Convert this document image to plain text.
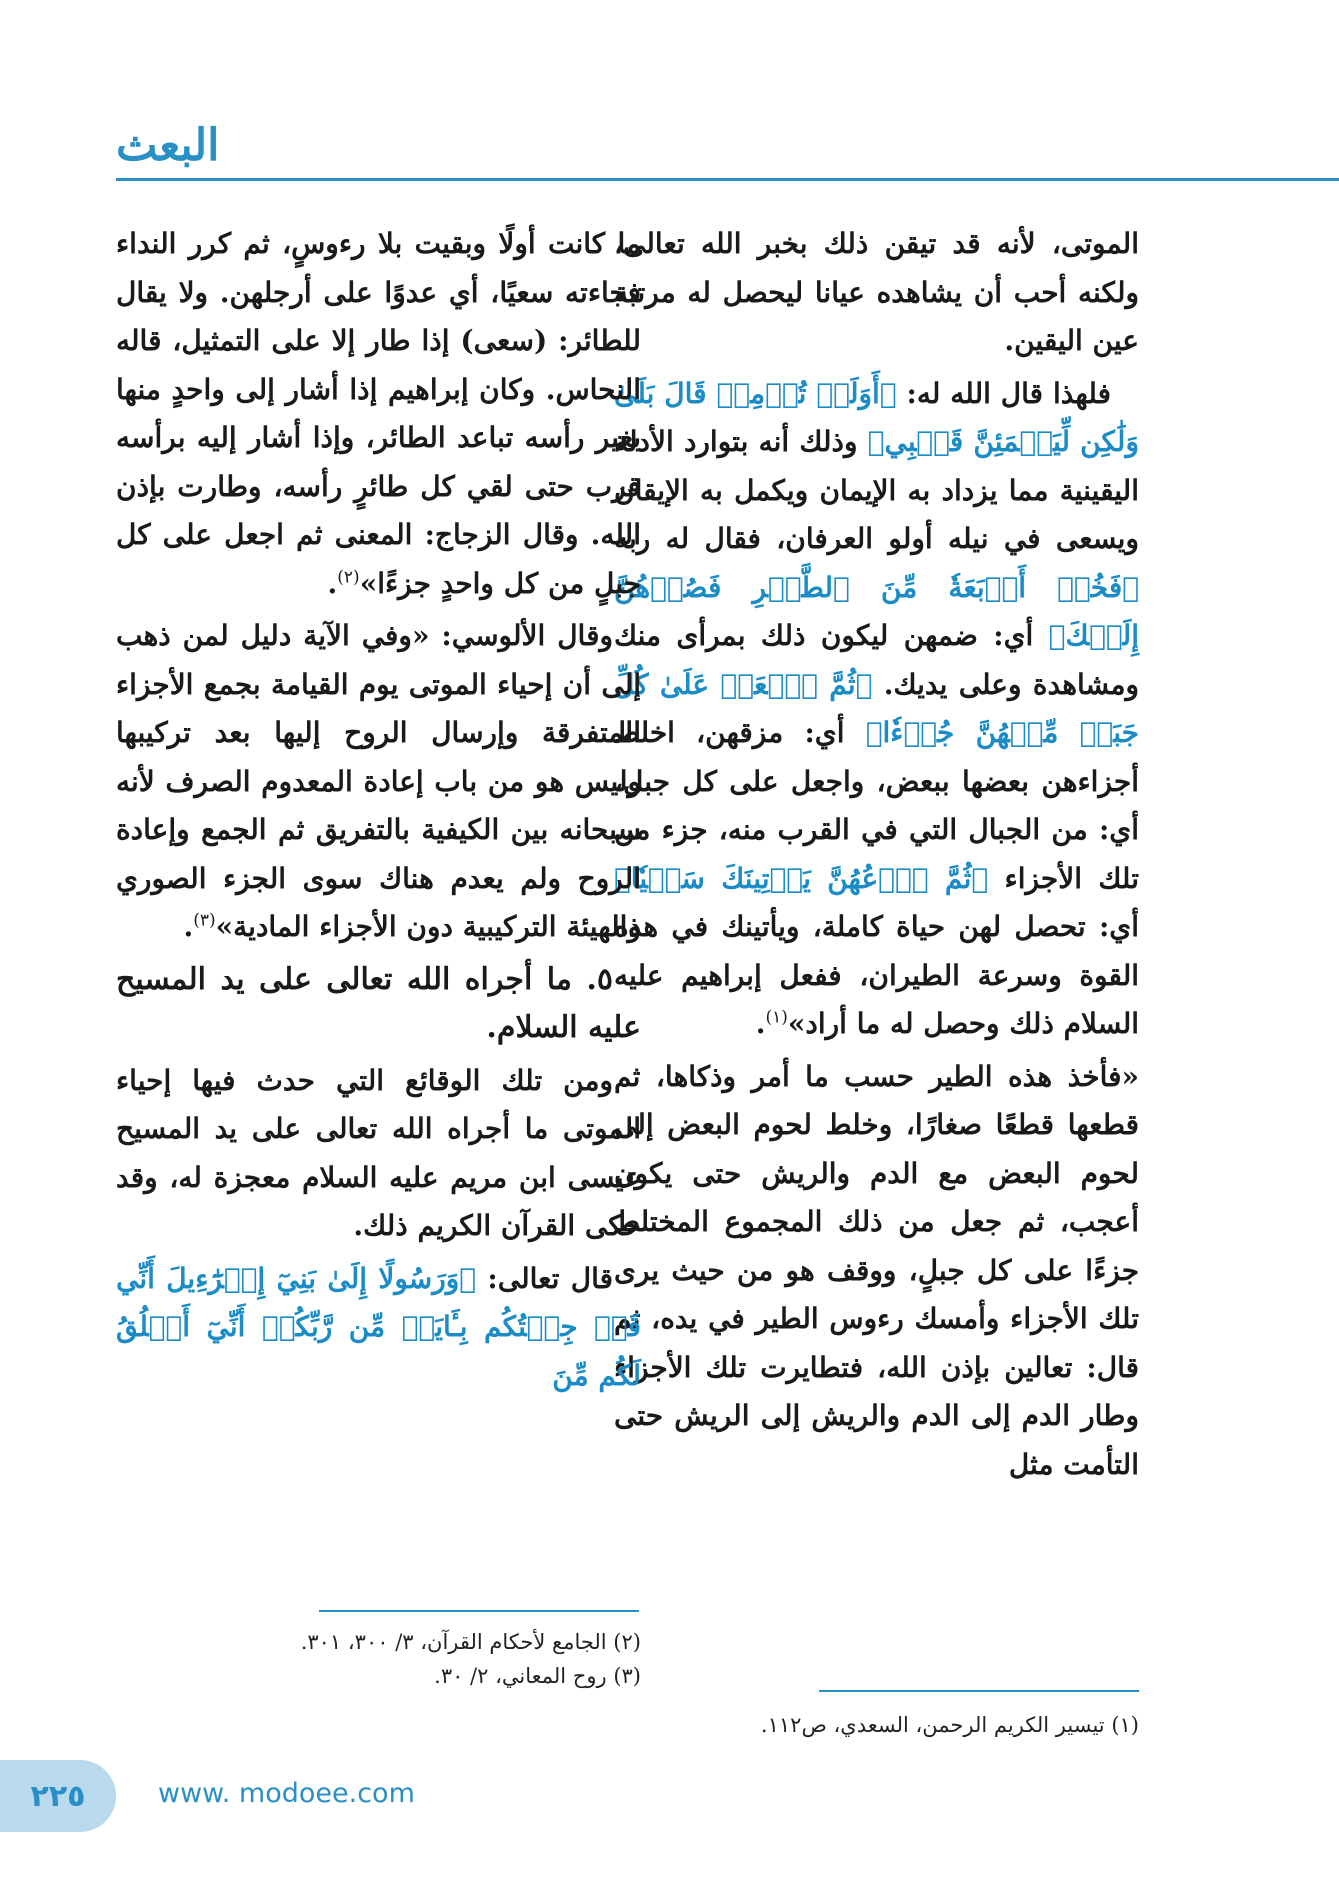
البعث

الموتى، لأنه قد تيقن ذلك بخبر الله تعالى، ولكنه أحب أن يشاهده عيانا ليحصل له مرتبة عين اليقين.

فلهذا قال الله له: ﴿أَوَلَمۡ تُؤۡمِنۖ قَالَ بَلَىٰ وَلَٰكِن لِّيَطۡمَئِنَّ قَلۡبِي﴾ وذلك أنه بتوارد الأدلة اليقينية مما يزداد به الإيمان ويكمل به الإيقان ويسعى في نيله أولو العرفان، فقال له ربه ﴿فَخُذۡ أَرۡبَعَةٗ مِّنَ ٱلطَّيۡرِ فَصُرۡهُنَّ إِلَيۡكَ﴾ أي: ضمهن ليكون ذلك بمرأى منك ومشاهدة وعلى يديك. ﴿ثُمَّ ٱجۡعَلۡ عَلَىٰ كُلِّ جَبَلٖ مِّنۡهُنَّ جُزۡءٗا﴾ أي: مزقهن، اخلط أجزاءهن بعضها ببعض، واجعل على كل جبل، أي: من الجبال التي في القرب منه، جزء من تلك الأجزاء ﴿ثُمَّ ٱدۡعُهُنَّ يَأۡتِينَكَ سَعۡيٗا﴾ أي: تحصل لهن حياة كاملة، ويأتينك في هذه القوة وسرعة الطيران، ففعل إبراهيم عليه السلام ذلك وحصل له ما أراد»$^{(١)}$.

«فأخذ هذه الطير حسب ما أمر وذكاها، ثم قطعها قطعًا صغارًا، وخلط لحوم البعض إلى لحوم البعض مع الدم والريش حتى يكون أعجب، ثم جعل من ذلك المجموع المختلط جزءًا على كل جبلٍ، ووقف هو من حيث يرى تلك الأجزاء وأمسك رءوس الطير في يده، ثم قال: تعالين بإذن الله، فتطايرت تلك الأجزاء وطار الدم إلى الدم والريش إلى الريش حتى التأمت مثل

(١) تيسير الكريم الرحمن، السعدي، ص١١٢.

ما كانت أولًا وبقيت بلا رءوسٍ، ثم كرر النداء فجاءته سعيًا، أي عدوًا على أرجلهن. ولا يقال للطائر: (سعى) إذا طار إلا على التمثيل، قاله النحاس. وكان إبراهيم إذا أشار إلى واحدٍ منها بغير رأسه تباعد الطائر، وإذا أشار إليه برأسه قرب حتى لقي كل طائرٍ رأسه، وطارت بإذن الله. وقال الزجاج: المعنى ثم اجعل على كل جبلٍ من كل واحدٍ جزءًا»$^{(٢)}$.

وقال الألوسي: «وفي الآية دليل لمن ذهب إلى أن إحياء الموتى يوم القيامة بجمع الأجزاء المتفرقة وإرسال الروح إليها بعد تركيبها وليس هو من باب إعادة المعدوم الصرف لأنه سبحانه بين الكيفية بالتفريق ثم الجمع وإعادة الروح ولم يعدم هناك سوى الجزء الصوري والهيئة التركيبية دون الأجزاء المادية»$^{(٣)}$.

٥. ما أجراه الله تعالى على يد المسيح عليه السلام.

ومن تلك الوقائع التي حدث فيها إحياء الموتى ما أجراه الله تعالى على يد المسيح عيسى ابن مريم عليه السلام معجزة له، وقد حكى القرآن الكريم ذلك.

قال تعالى: ﴿وَرَسُولًا إِلَىٰ بَنِيٓ إِسۡرَٰٓءِيلَ أَنِّي قَدۡ جِئۡتُكُم بِـَٔايَةٖ مِّن رَّبِّكُمۡ أَنِّيٓ أَخۡلُقُ لَكُم مِّنَ

(٢) الجامع لأحكام القرآن، ٣/ ٣٠٠، ٣٠١.
(٣) روح المعاني، ٢/ ٣٠.
٢٢٥	www. modoee.com
